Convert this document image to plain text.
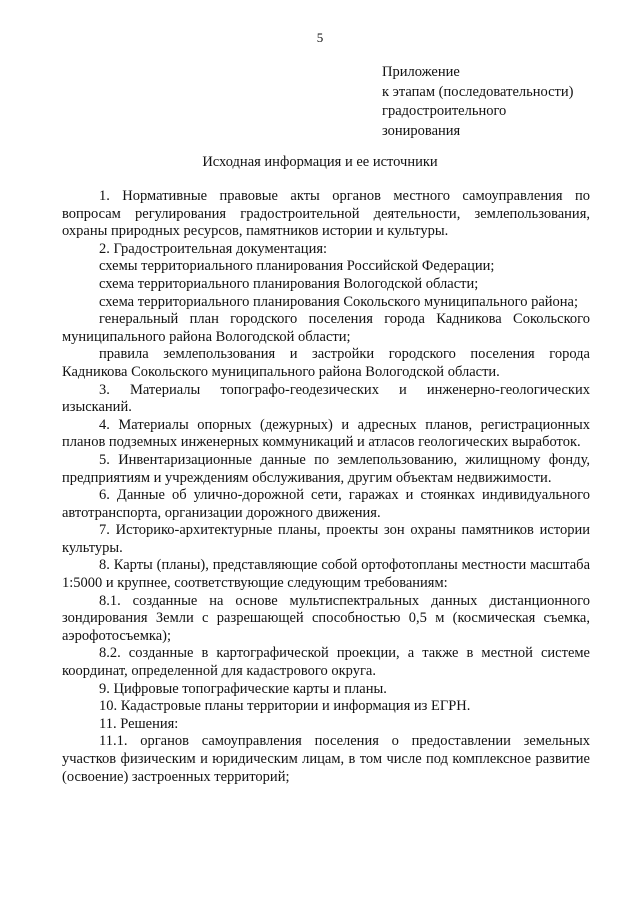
5
Приложение
к этапам (последовательности)
градостроительного
зонирования
Исходная информация и ее источники

1. Нормативные правовые акты органов местного самоуправления по вопросам регулирования градостроительной деятельности, землепользования, охраны природных ресурсов, памятников истории и культуры.

2. Градостроительная документация:

схемы территориального планирования Российской Федерации;

схема территориального планирования Вологодской области;

схема территориального планирования Сокольского муниципального района;

генеральный план городского поселения города Кадникова Сокольского муниципального района Вологодской области;

правила землепользования и застройки городского поселения города Кадникова Сокольского муниципального района Вологодской области.

3. Материалы топографо-геодезических и инженерно-геологических изысканий.

4. Материалы опорных (дежурных) и адресных планов, регистрационных планов подземных инженерных коммуникаций и атласов геологических выработок.

5. Инвентаризационные данные по землепользованию, жилищному фонду, предприятиям и учреждениям обслуживания, другим объектам недвижимости.

6. Данные об улично-дорожной сети, гаражах и стоянках индивидуального автотранспорта, организации дорожного движения.

7. Историко-архитектурные планы, проекты зон охраны памятников истории культуры.

8. Карты (планы), представляющие собой ортофотопланы местности масштаба 1:5000 и крупнее, соответствующие следующим требованиям:

8.1. созданные на основе мультиспектральных данных дистанционного зондирования Земли с разрешающей способностью 0,5 м (космическая съемка, аэрофотосъемка);

8.2. созданные в картографической проекции, а также в местной системе координат, определенной для кадастрового округа.

9. Цифровые топографические карты и планы.

10. Кадастровые планы территории и информация из ЕГРН.

11. Решения:

11.1. органов самоуправления поселения о предоставлении земельных участков физическим и юридическим лицам, в том числе под комплексное развитие (освоение) застроенных территорий;
